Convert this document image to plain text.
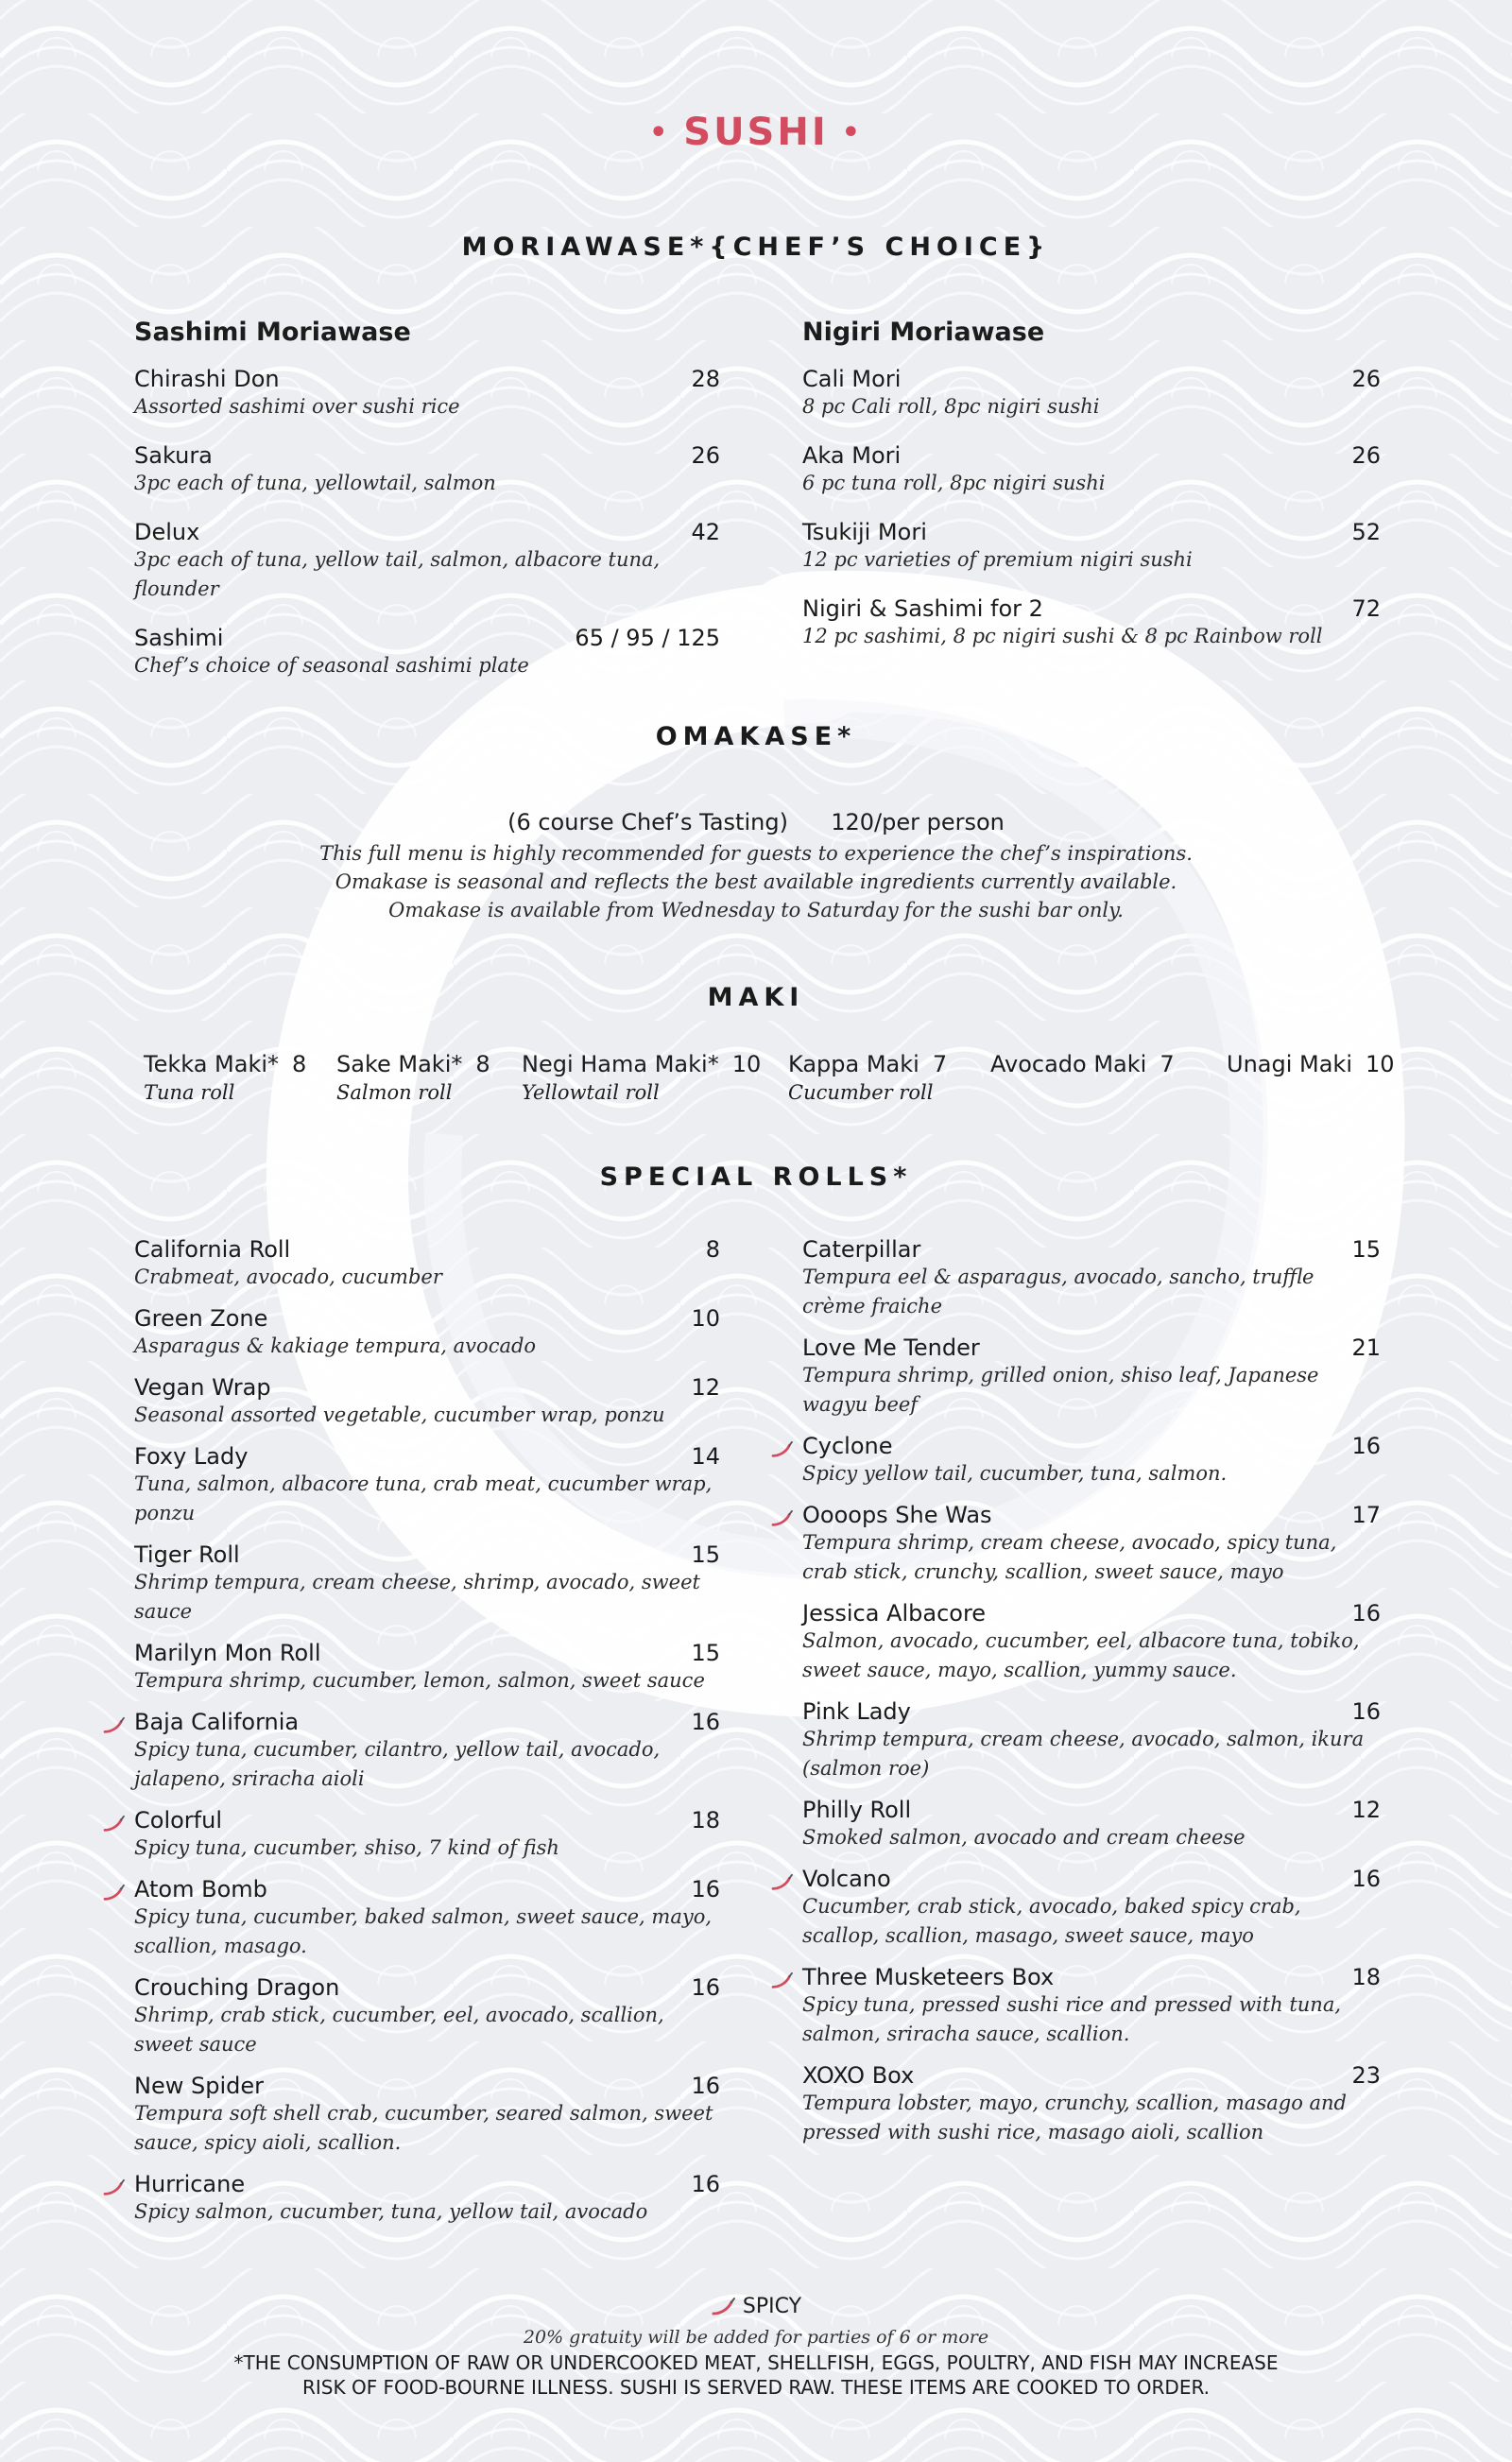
• SUSHI •
MORIAWASE*{CHEF’S CHOICE}
Sashimi Moriawase
Chirashi Don	28
Assorted sashimi over sushi rice
Sakura	26
3pc each of tuna, yellowtail, salmon
Delux	42
3pc each of tuna, yellow tail, salmon, albacore tuna, flounder
Sashimi	65 / 95 / 125
Chef’s choice of seasonal sashimi plate
Nigiri Moriawase
Cali Mori	26
8 pc Cali roll, 8pc nigiri sushi
Aka Mori	26
6 pc tuna roll, 8pc nigiri sushi
Tsukiji Mori	52
12 pc varieties of premium nigiri sushi
Nigiri & Sashimi for 2	72
12 pc sashimi, 8 pc nigiri sushi & 8 pc Rainbow roll
OMAKASE*
(6 course Chef’s Tasting) 120/per person
This full menu is highly recommended for guests to experience the chef’s inspirations.
Omakase is seasonal and reflects the best available ingredients currently available.
Omakase is available from Wednesday to Saturday for the sushi bar only.
MAKI
Tekka Maki* 8
Tuna roll
Sake Maki* 8
Salmon roll
Negi Hama Maki* 10
Yellowtail roll
Kappa Maki 7
Cucumber roll
Avocado Maki 7 Unagi Maki 10
SPECIAL ROLLS*
California Roll	8
Crabmeat, avocado, cucumber
Green Zone	10
Asparagus & kakiage tempura, avocado
Vegan Wrap	12
Seasonal assorted vegetable, cucumber wrap, ponzu
Foxy Lady	14
Tuna, salmon, albacore tuna, crab meat, cucumber wrap, ponzu
Tiger Roll	15
Shrimp tempura, cream cheese, shrimp, avocado, sweet sauce
Marilyn Mon Roll	15
Tempura shrimp, cucumber, lemon, salmon, sweet sauce
Baja California	16
Spicy tuna, cucumber, cilantro, yellow tail, avocado, jalapeno, sriracha aioli
Colorful	18
Spicy tuna, cucumber, shiso, 7 kind of fish
Atom Bomb	16
Spicy tuna, cucumber, baked salmon, sweet sauce, mayo, scallion, masago.
Crouching Dragon	16
Shrimp, crab stick, cucumber, eel, avocado, scallion, sweet sauce
New Spider	16
Tempura soft shell crab, cucumber, seared salmon, sweet sauce, spicy aioli, scallion.
Hurricane	16
Spicy salmon, cucumber, tuna, yellow tail, avocado
Caterpillar	15
Tempura eel & asparagus, avocado, sancho, truffle crème fraiche
Love Me Tender	21
Tempura shrimp, grilled onion, shiso leaf, Japanese wagyu beef
Cyclone	16
Spicy yellow tail, cucumber, tuna, salmon.
Oooops She Was	17
Tempura shrimp, cream cheese, avocado, spicy tuna, crab stick, crunchy, scallion, sweet sauce, mayo
Jessica Albacore	16
Salmon, avocado, cucumber, eel, albacore tuna, tobiko, sweet sauce, mayo, scallion, yummy sauce.
Pink Lady	16
Shrimp tempura, cream cheese, avocado, salmon, ikura (salmon roe)
Philly Roll	12
Smoked salmon, avocado and cream cheese
Volcano	16
Cucumber, crab stick, avocado, baked spicy crab, scallop, scallion, masago, sweet sauce, mayo
Three Musketeers Box	18
Spicy tuna, pressed sushi rice and pressed with tuna, salmon, sriracha sauce, scallion.
XOXO Box	23
Tempura lobster, mayo, crunchy, scallion, masago and pressed with sushi rice, masago aioli, scallion
SPICY
20% gratuity will be added for parties of 6 or more
*THE CONSUMPTION OF RAW OR UNDERCOOKED MEAT, SHELLFISH, EGGS, POULTRY, AND FISH MAY INCREASE
RISK OF FOOD-BOURNE ILLNESS. SUSHI IS SERVED RAW. THESE ITEMS ARE COOKED TO ORDER.
